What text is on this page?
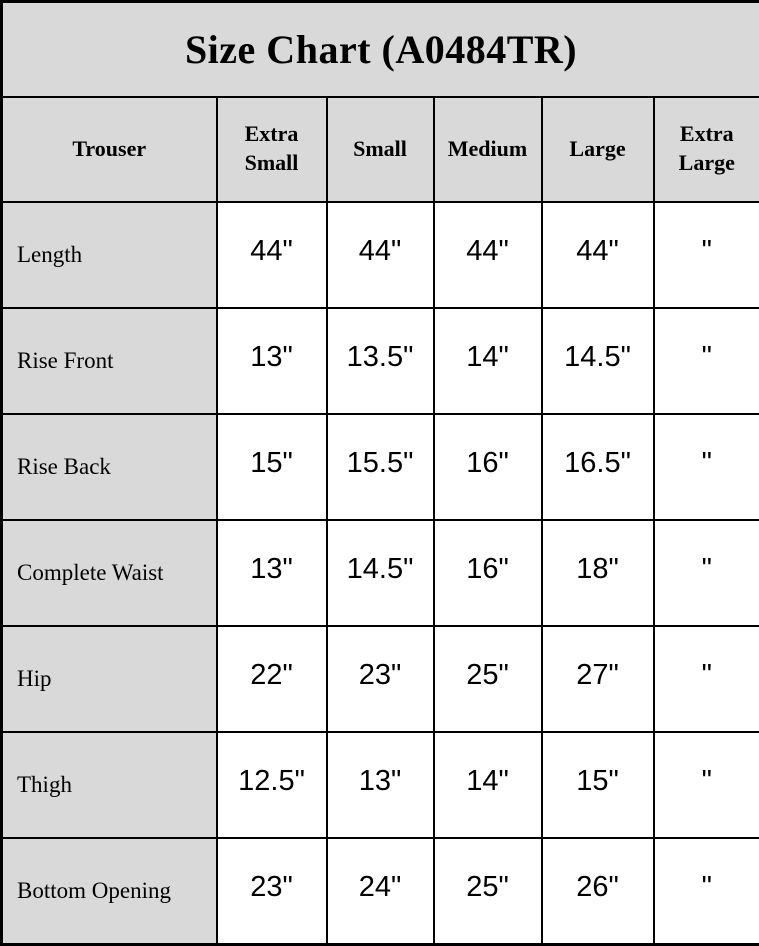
Size Chart (A0484TR)					
Trouser	Extra Small	Small	Medium	Large	Extra Large
Length	44"	44"	44"	44"	"
Rise Front	13"	13.5"	14"	14.5"	"
Rise Back	15"	15.5"	16"	16.5"	"
Complete Waist	13"	14.5"	16"	18"	"
Hip	22"	23"	25"	27"	"
Thigh	12.5"	13"	14"	15"	"
Bottom Opening	23"	24"	25"	26"	"
